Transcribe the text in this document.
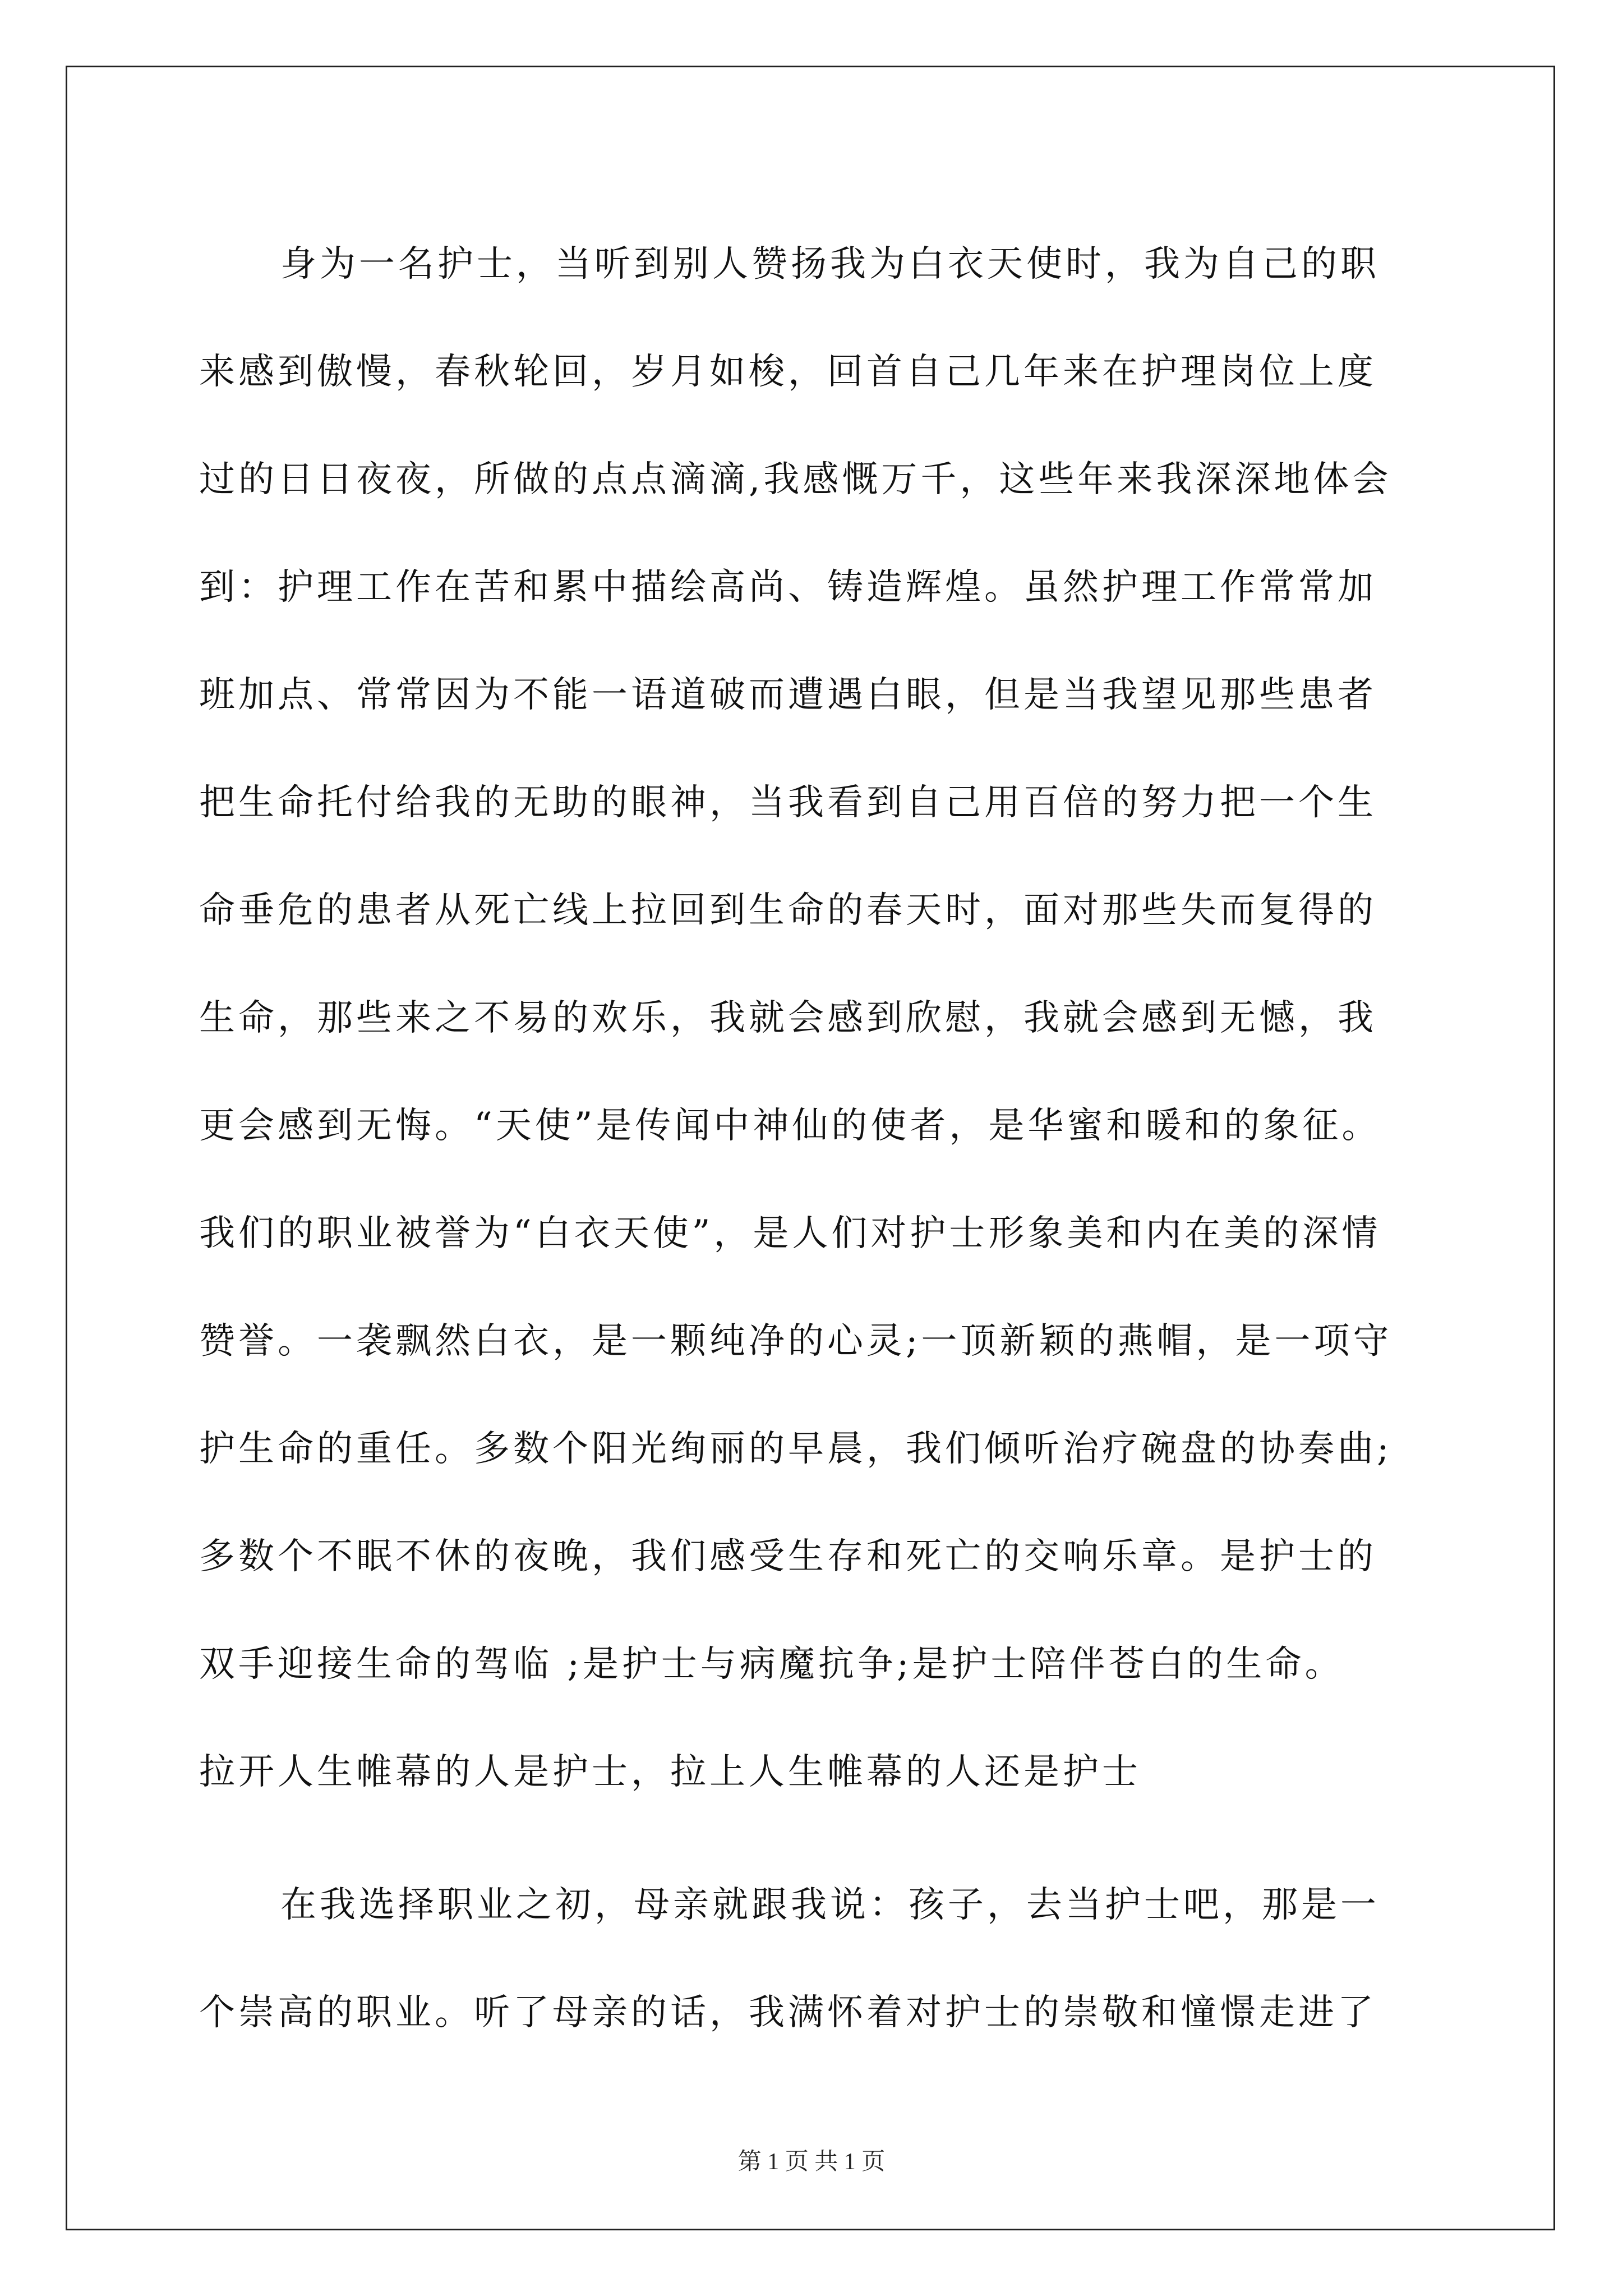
身为一名护士，当听到别人赞扬我为白衣天使时，我为自己的职
来感到傲慢，春秋轮回，岁月如梭，回首自己几年来在护理岗位上度
过的日日夜夜，所做的点点滴滴,我感慨万千，这些年来我深深地体会
到：护理工作在苦和累中描绘高尚、铸造辉煌。虽然护理工作常常加
班加点、常常因为不能一语道破而遭遇白眼，但是当我望见那些患者
把生命托付给我的无助的眼神，当我看到自己用百倍的努力把一个生
命垂危的患者从死亡线上拉回到生命的春天时，面对那些失而复得的
生命，那些来之不易的欢乐，我就会感到欣慰，我就会感到无憾，我
更会感到无悔。“天使”是传闻中神仙的使者，是华蜜和暖和的象征。
我们的职业被誉为“白衣天使”，是人们对护士形象美和内在美的深情
赞誉。一袭飘然白衣，是一颗纯净的心灵;一顶新颖的燕帽，是一项守
护生命的重任。多数个阳光绚丽的早晨，我们倾听治疗碗盘的协奏曲;
多数个不眠不休的夜晚，我们感受生存和死亡的交响乐章。是护士的
双手迎接生命的驾临 ;是护士与病魔抗争;是护士陪伴苍白的生命。
拉开人生帷幕的人是护士，拉上人生帷幕的人还是护士
在我选择职业之初，母亲就跟我说：孩子，去当护士吧，那是一
个崇高的职业。听了母亲的话，我满怀着对护士的崇敬和憧憬走进了
第 1 页 共 1 页
